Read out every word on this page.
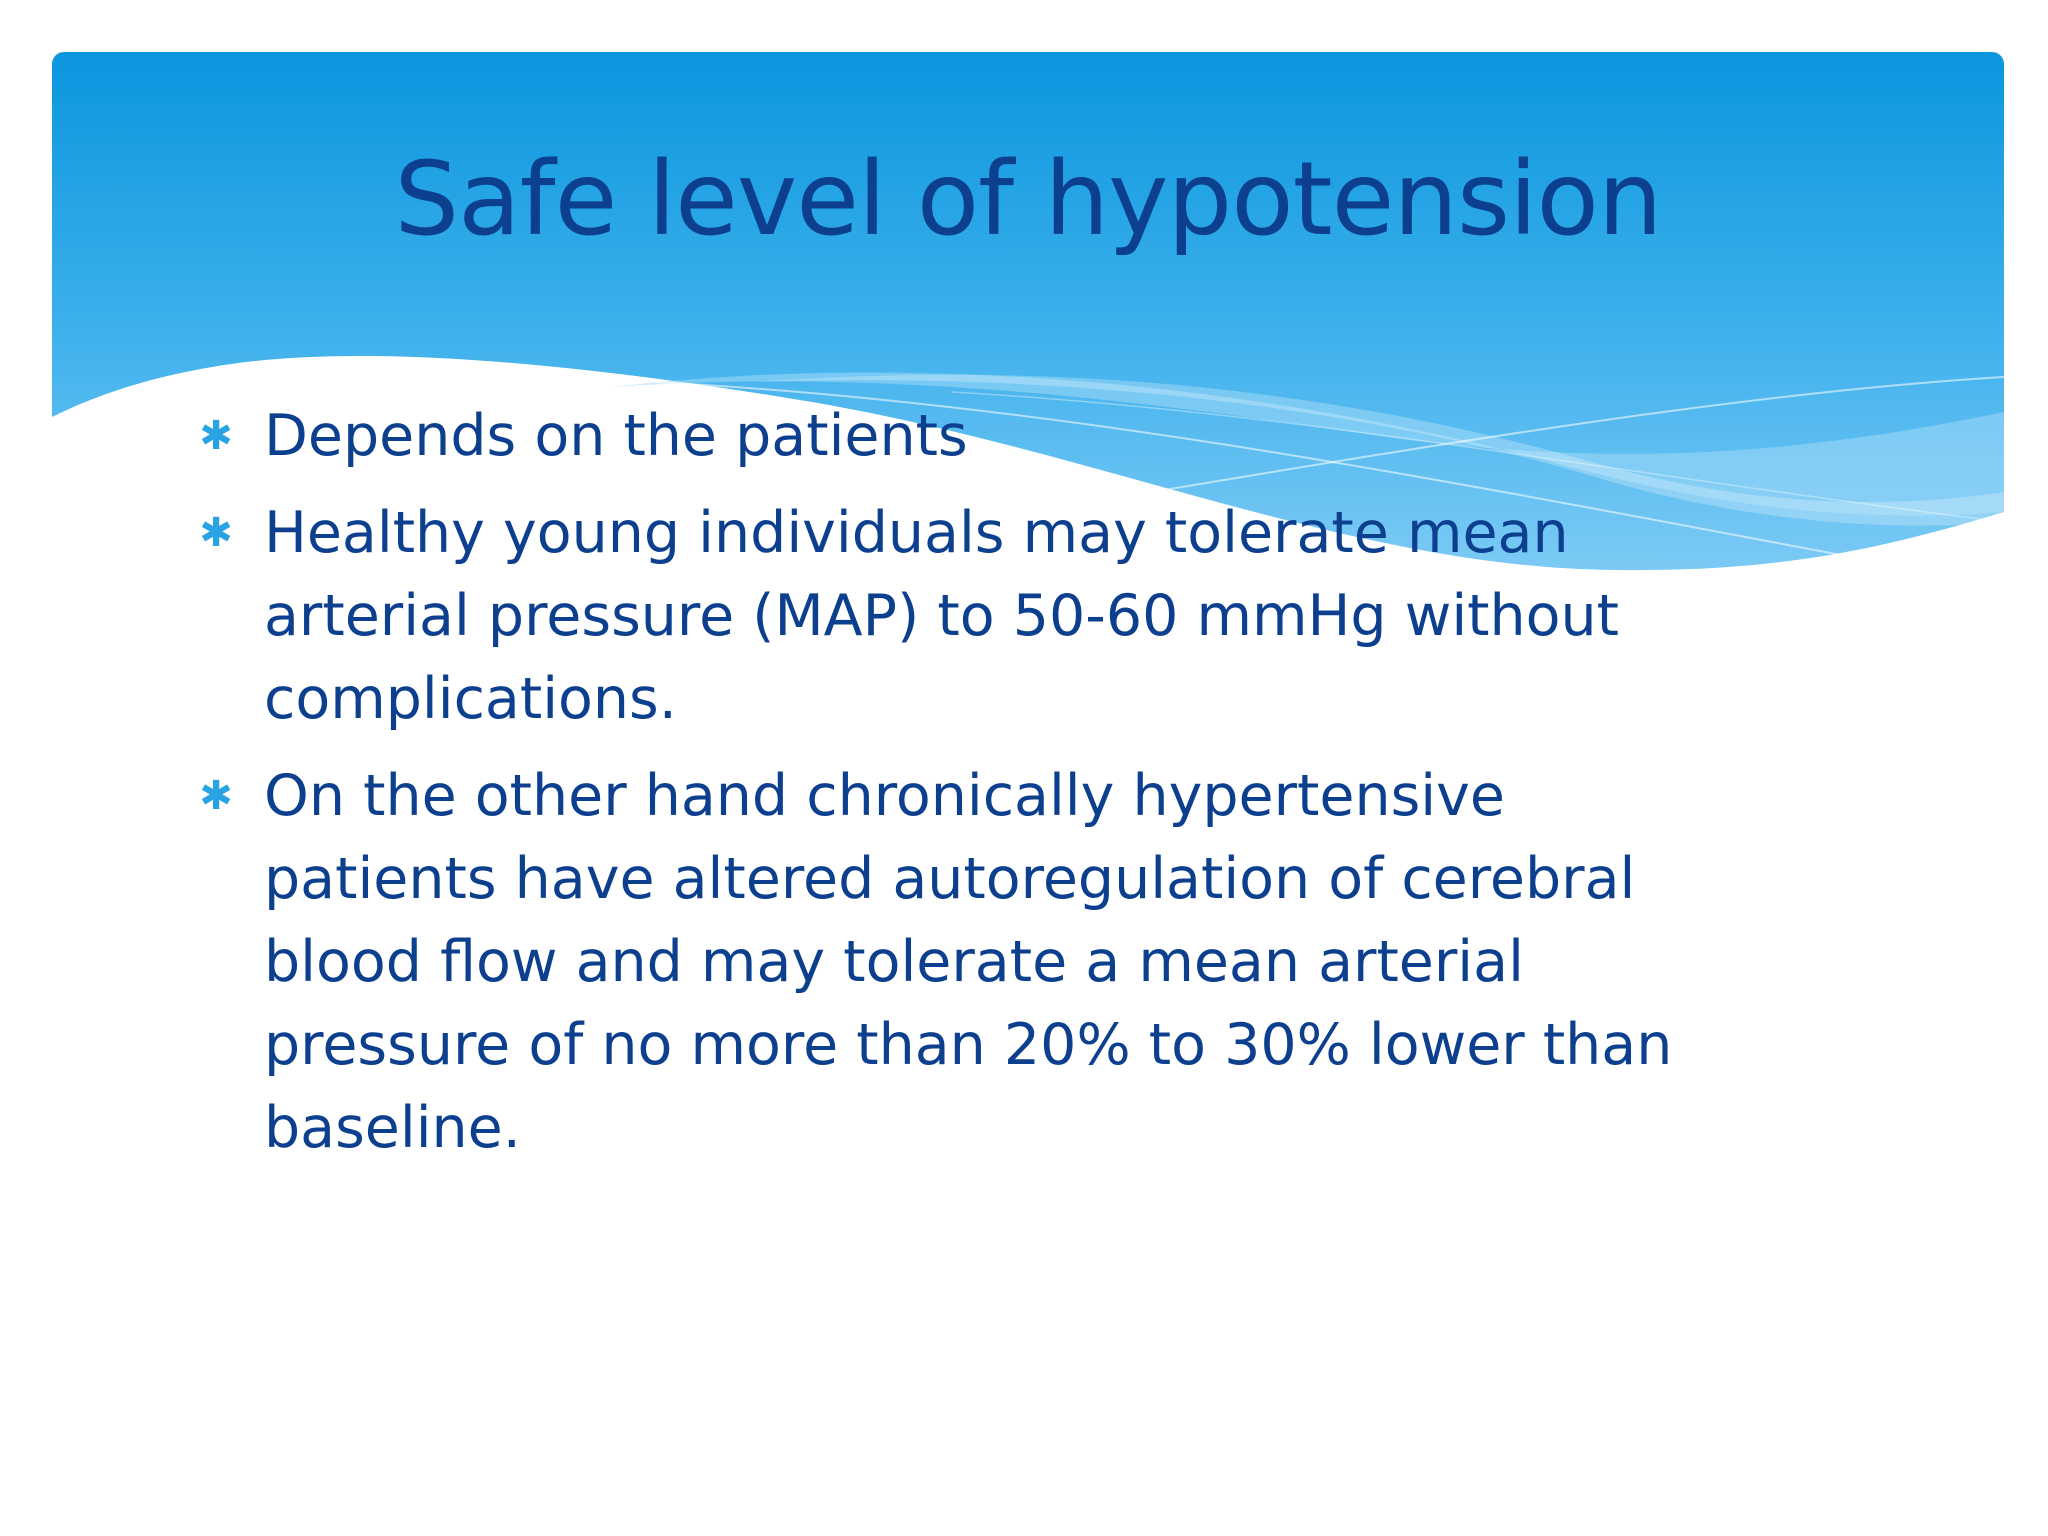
Safe level of hypotension
✱ Depends on the patients
✱ Healthy young individuals may tolerate mean arterial pressure (MAP) to 50-60 mmHg without complications.
✱ On the other hand chronically hypertensive patients have altered autoregulation of cerebral blood flow and may tolerate a mean arterial pressure of no more than 20% to 30% lower than baseline.
